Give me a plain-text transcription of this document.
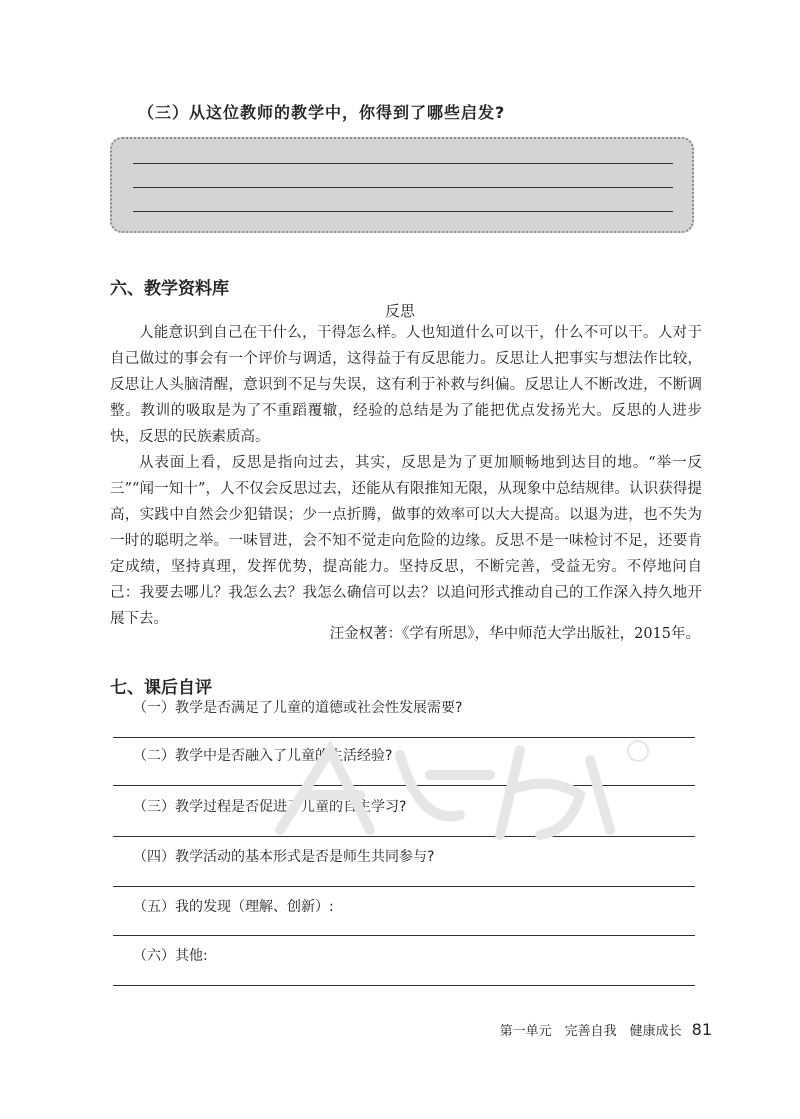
（三）从这位教师的教学中，你得到了哪些启发?
六、教学资料库
反思

人能意识到自己在干什么，干得怎么样。人也知道什么可以干，什么不可以干。人对于自己做过的事会有一个评价与调适，这得益于有反思能力。反思让人把事实与想法作比较，反思让人头脑清醒，意识到不足与失误，这有利于补救与纠偏。反思让人不断改进，不断调整。教训的吸取是为了不重蹈覆辙，经验的总结是为了能把优点发扬光大。反思的人进步快，反思的民族素质高。

从表面上看，反思是指向过去，其实，反思是为了更加顺畅地到达目的地。“举一反三”“闻一知十”，人不仅会反思过去，还能从有限推知无限，从现象中总结规律。认识获得提高，实践中自然会少犯错误；少一点折腾，做事的效率可以大大提高。以退为进，也不失为一时的聪明之举。一味冒进，会不知不觉走向危险的边缘。反思不是一味检讨不足，还要肯定成绩，坚持真理，发挥优势，提高能力。坚持反思，不断完善，受益无穷。不停地问自己：我要去哪儿？我怎么去？我怎么确信可以去？以追问形式推动自己的工作深入持久地开展下去。

汪金权著：《学有所思》，华中师范大学出版社，2015年。
七、课后自评
（一）教学是否满足了儿童的道德或社会性发展需要?
（二）教学中是否融入了儿童的生活经验?
（三）教学过程是否促进了儿童的自主学习?
（四）教学活动的基本形式是否是师生共同参与?
（五）我的发现（理解、创新）:
（六）其他:
第一单元　完善自我　健康成长 81
